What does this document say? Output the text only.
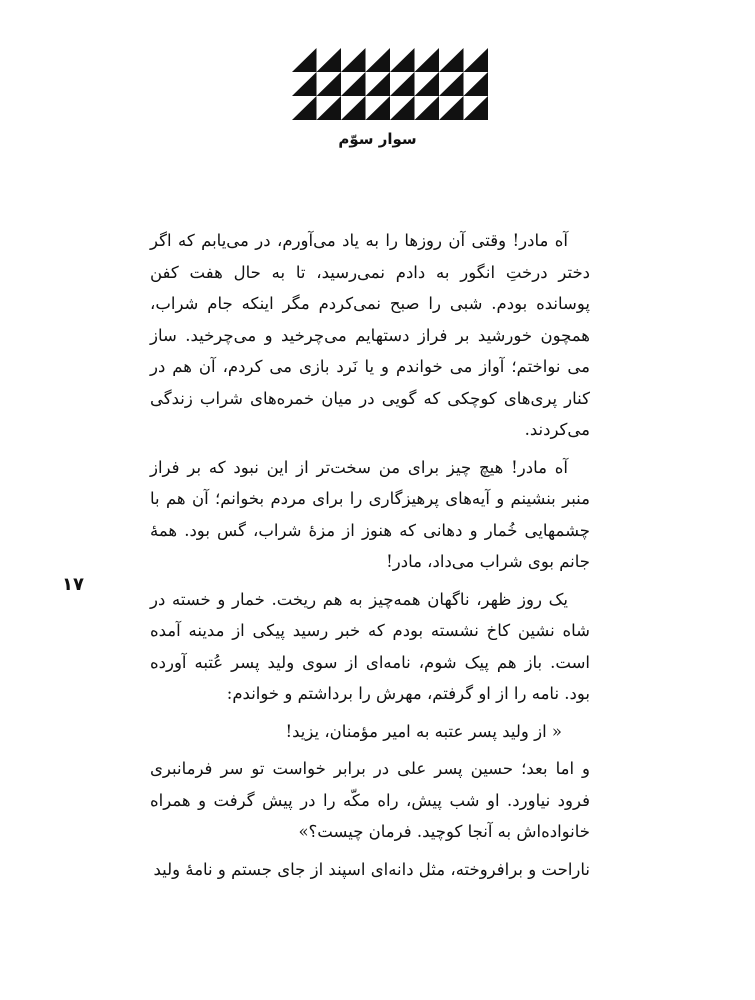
سوار سوّم
۱۷

آه مادر! وقتی آن روزها را به یاد می‌آورم، در می‌یابم که اگر دختر درختِ انگور به دادم نمی‌رسید، تا به حال هفت کفن پوسانده بودم. شبی را صبح نمی‌کردم مگر اینکه جام شراب، همچون خورشید بر فراز دستهایم می‌چرخید و می‌چرخید. ساز می نواختم؛ آواز می خواندم و یا نَرد بازی می کردم، آن هم در کنار پری‌های کوچکی که گویی در میان خمره‌های شراب زندگی می‌کردند.

آه مادر! هیچ چیز برای من سخت‌تر از این نبود که بر فراز منبر بنشینم و آیه‌های پرهیزگاری را برای مردم بخوانم؛ آن هم با چشمهایی خُمار و دهانی که هنوز از مزهٔ شراب، گس بود. همهٔ جانم بوی شراب می‌داد، مادر!

یک روز ظهر، ناگهان همه‌چیز به هم ریخت. خمار و خسته در شاه نشین کاخ نشسته بودم که خبر رسید پیکی از مدینه آمده است. باز هم پیک شوم، نامه‌ای از سوی ولید پسر عُتبه آورده بود. نامه را از او گرفتم، مهرش را برداشتم و خواندم:

« از ولید پسر عتبه به امیر مؤمنان، یزید!

و اما بعد؛ حسین پسر علی در برابر خواست تو سر فرمانبری فرود نیاورد. او شب پیش، راه مکّه را در پیش گرفت و همراه خانواده‌اش به آنجا کوچید. فرمان چیست؟»

ناراحت و برافروخته، مثل دانه‌ای اسپند از جای جستم و نامهٔ ولید
